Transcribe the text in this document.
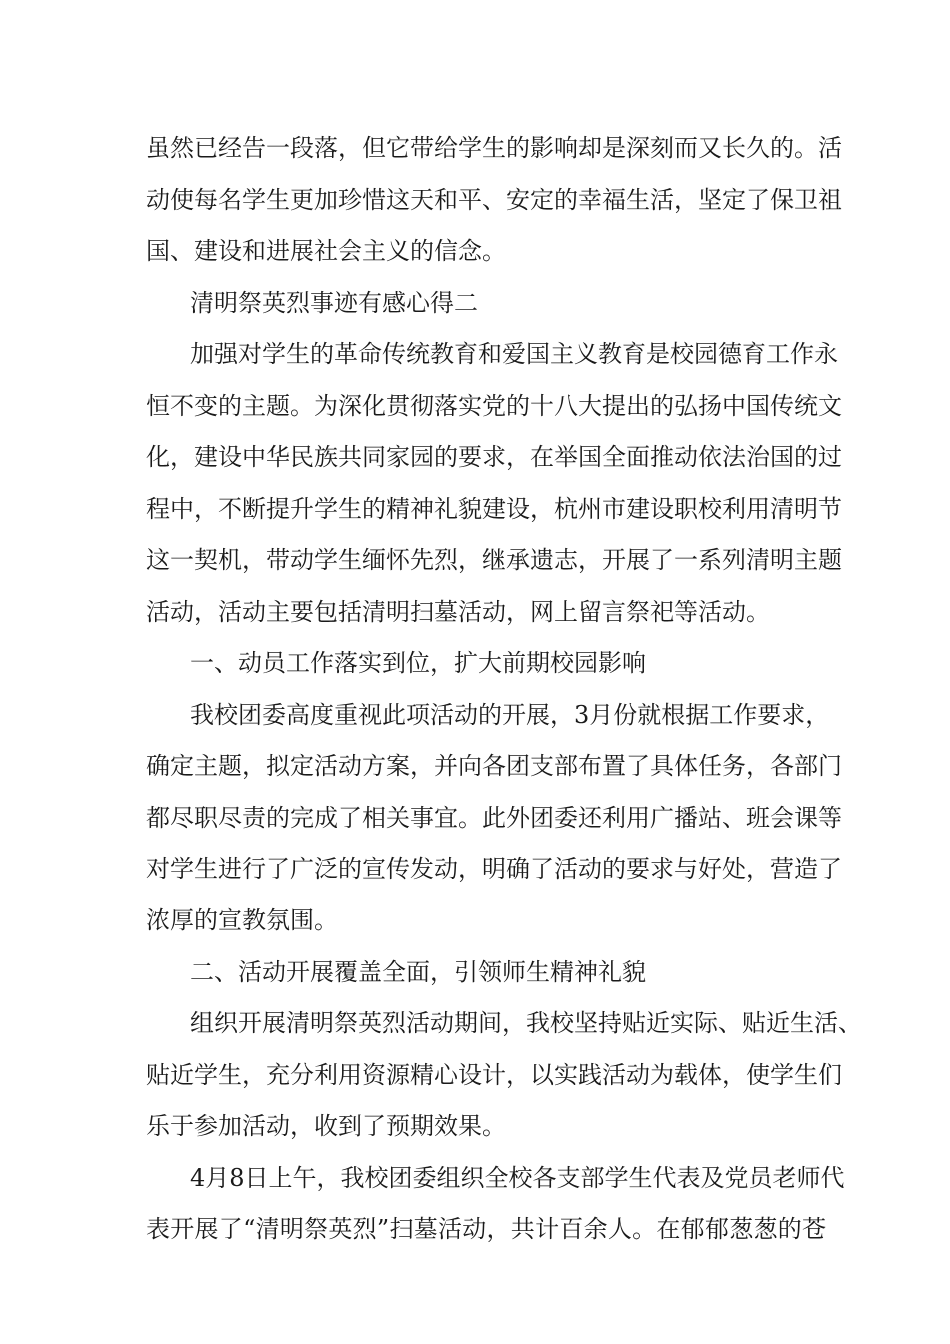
虽然已经告一段落，但它带给学生的影响却是深刻而又长久的。活
动使每名学生更加珍惜这天和平、安定的幸福生活，坚定了保卫祖
国、建设和进展社会主义的信念。
清明祭英烈事迹有感心得二
加强对学生的革命传统教育和爱国主义教育是校园德育工作永
恒不变的主题。为深化贯彻落实党的十八大提出的弘扬中国传统文
化，建设中华民族共同家园的要求，在举国全面推动依法治国的过
程中，不断提升学生的精神礼貌建设，杭州市建设职校利用清明节
这一契机，带动学生缅怀先烈，继承遗志，开展了一系列清明主题
活动，活动主要包括清明扫墓活动，网上留言祭祀等活动。
一、动员工作落实到位，扩大前期校园影响
我校团委高度重视此项活动的开展，3月份就根据工作要求，
确定主题，拟定活动方案，并向各团支部布置了具体任务，各部门
都尽职尽责的完成了相关事宜。此外团委还利用广播站、班会课等
对学生进行了广泛的宣传发动，明确了活动的要求与好处，营造了
浓厚的宣教氛围。
二、活动开展覆盖全面，引领师生精神礼貌
组织开展清明祭英烈活动期间，我校坚持贴近实际、贴近生活、
贴近学生，充分利用资源精心设计，以实践活动为载体，使学生们
乐于参加活动，收到了预期效果。
4月8日上午，我校团委组织全校各支部学生代表及党员老师代
表开展了“清明祭英烈”扫墓活动，共计百余人。在郁郁葱葱的苍
